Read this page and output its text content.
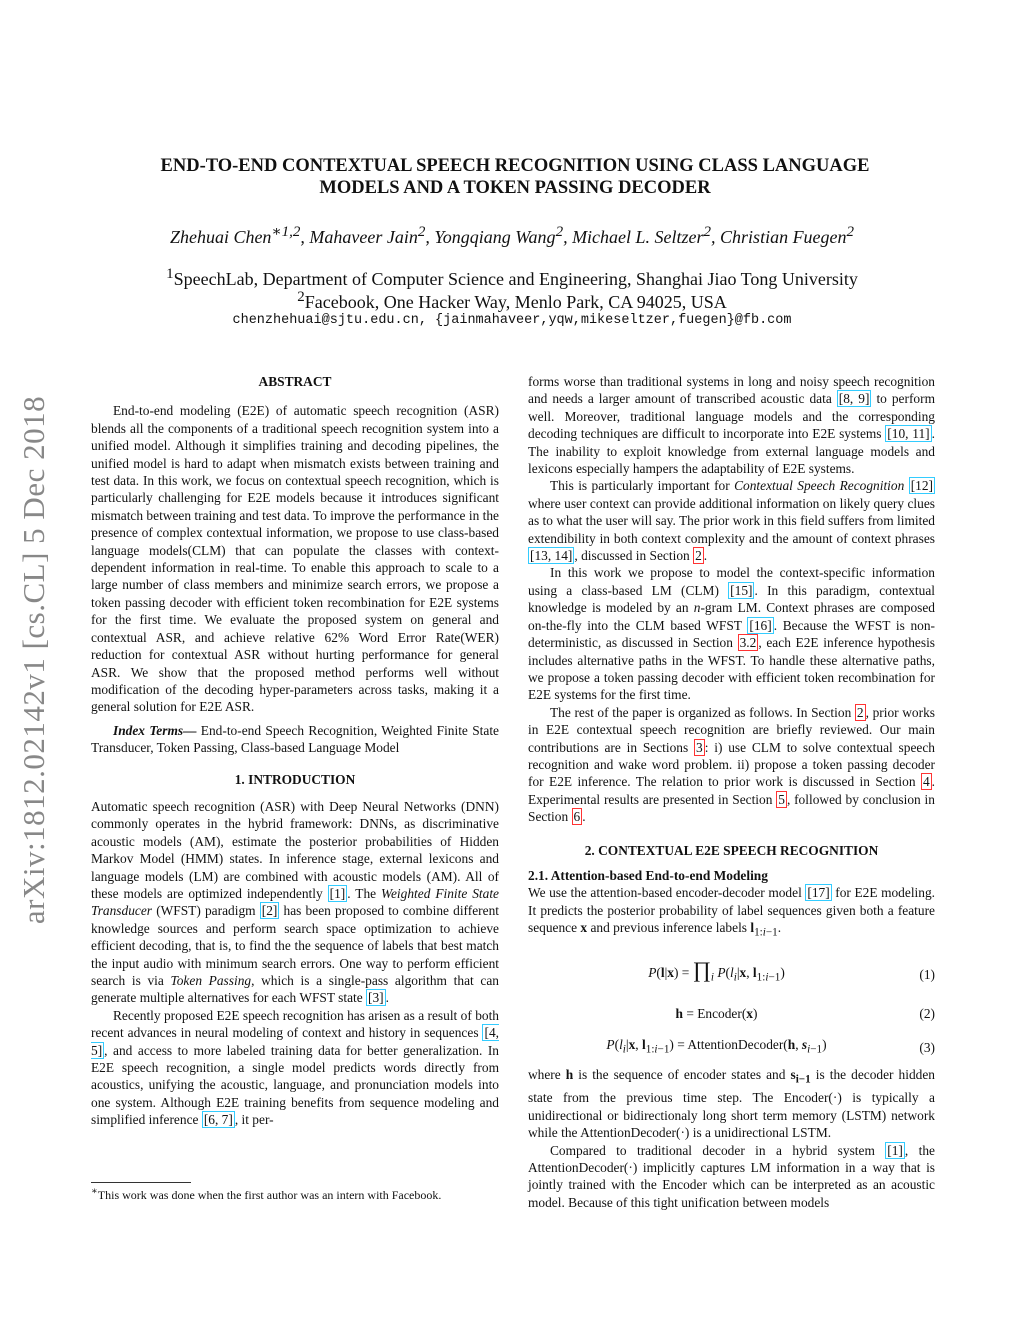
END-TO-END CONTEXTUAL SPEECH RECOGNITION USING CLASS LANGUAGE
MODELS AND A TOKEN PASSING DECODER
Zhehuai Chen$^{∗1,2}$, Mahaveer Jain$^2$, Yongqiang Wang$^2$, Michael L. Seltzer$^2$, Christian Fuegen$^2$
$^1$SpeechLab, Department of Computer Science and Engineering, Shanghai Jiao Tong University
$^2$Facebook, One Hacker Way, Menlo Park, CA 94025, USA
chenzhehuai@sjtu.edu.cn, {jainmahaveer,yqw,mikeseltzer,fuegen}@fb.com
arXiv:1812.02142v1 [cs.CL] 5 Dec 2018
ABSTRACT

End-to-end modeling (E2E) of automatic speech recognition (ASR) blends all the components of a traditional speech recognition system into a unified model. Although it simplifies training and decoding pipelines, the unified model is hard to adapt when mismatch exists between training and test data. In this work, we focus on contextual speech recognition, which is particularly challenging for E2E models because it introduces significant mismatch between training and test data. To improve the performance in the presence of complex contextual information, we propose to use class-based language models(CLM) that can populate the classes with context-dependent information in real-time. To enable this approach to scale to a large number of class members and minimize search errors, we propose a token passing decoder with efficient token recombination for E2E systems for the first time. We evaluate the proposed system on general and contextual ASR, and achieve relative 62% Word Error Rate(WER) reduction for contextual ASR without hurting performance for general ASR. We show that the proposed method performs well without modification of the decoding hyper-parameters across tasks, making it a general solution for E2E ASR.

Index Terms— End-to-end Speech Recognition, Weighted Finite State Transducer, Token Passing, Class-based Language Model

1. INTRODUCTION

Automatic speech recognition (ASR) with Deep Neural Networks (DNN) commonly operates in the hybrid framework: DNNs, as discriminative acoustic models (AM), estimate the posterior probabilities of Hidden Markov Model (HMM) states. In inference stage, external lexicons and language models (LM) are combined with acoustic models (AM). All of these models are optimized independently [1] . The Weighted Finite State Transducer (WFST) paradigm [2] has been proposed to combine different knowledge sources and perform search space optimization to achieve efficient decoding, that is, to find the the sequence of labels that best match the input audio with minimum search errors. One way to perform efficient search is via Token Passing, which is a single-pass algorithm that can generate multiple alternatives for each WFST state [3] .

Recently proposed E2E speech recognition has arisen as a result of both recent advances in neural modeling of context and history in sequences [4, 5] , and access to more labeled training data for better generalization. In E2E speech recognition, a single model predicts words directly from acoustics, unifying the acoustic, language, and pronunciation models into one system. Although E2E training benefits from sequence modeling and simplified inference [6, 7] , it per-

∗This work was done when the first author was an intern with Facebook.

forms worse than traditional systems in long and noisy speech recognition and needs a larger amount of transcribed acoustic data [8, 9] to perform well. Moreover, traditional language models and the corresponding decoding techniques are difficult to incorporate into E2E systems [10, 11] . The inability to exploit knowledge from external language models and lexicons especially hampers the adaptability of E2E systems.

This is particularly important for Contextual Speech Recognition [12] where user context can provide additional information on likely query clues as to what the user will say. The prior work in this field suffers from limited extendibility in both context complexity and the amount of context phrases [13, 14] , discussed in Section 2 .

In this work we propose to model the context-specific information using a class-based LM (CLM) [15] . In this paradigm, contextual knowledge is modeled by an n-gram LM. Context phrases are composed on-the-fly into the CLM based WFST [16] . Because the WFST is non-deterministic, as discussed in Section 3.2 , each E2E inference hypothesis includes alternative paths in the WFST. To handle these alternative paths, we propose a token passing decoder with efficient token recombination for E2E systems for the first time.

The rest of the paper is organized as follows. In Section 2 , prior works in E2E contextual speech recognition are briefly reviewed. Our main contributions are in Sections 3 : i) use CLM to solve contextual speech recognition and wake word problem. ii) propose a token passing decoder for E2E inference. The relation to prior work is discussed in Section 4 . Experimental results are presented in Section 5 , followed by conclusion in Section 6 .

2. CONTEXTUAL E2E SPEECH RECOGNITION
2.1. Attention-based End-to-end Modeling

We use the attention-based encoder-decoder model [17] for E2E modeling. It predicts the posterior probability of label sequences given both a feature sequence x and previous inference labels $l_{1:i-1}$.

$P(l|x) = \prod_i$ $P(l_i|x$, $l_{1:i-1}$)	(1)
h = Encoder(x)	(2)
$P(l_i|x$, $l_{1:i-1}$) = AttentionDecoder(h, $s_{i-1}$)	(3)

where h is the sequence of encoder states and $s_{i-1}$ is the decoder hidden state from the previous time step. The Encoder(·) is typically a unidirectional or bidirectionaly long short term memory (LSTM) network while the AttentionDecoder(·) is a unidirectional LSTM.

Compared to traditional decoder in a hybrid system [1] , the AttentionDecoder(·) implicitly captures LM information in a way that is jointly trained with the Encoder which can be interpreted as an acoustic model. Because of this tight unification between models
